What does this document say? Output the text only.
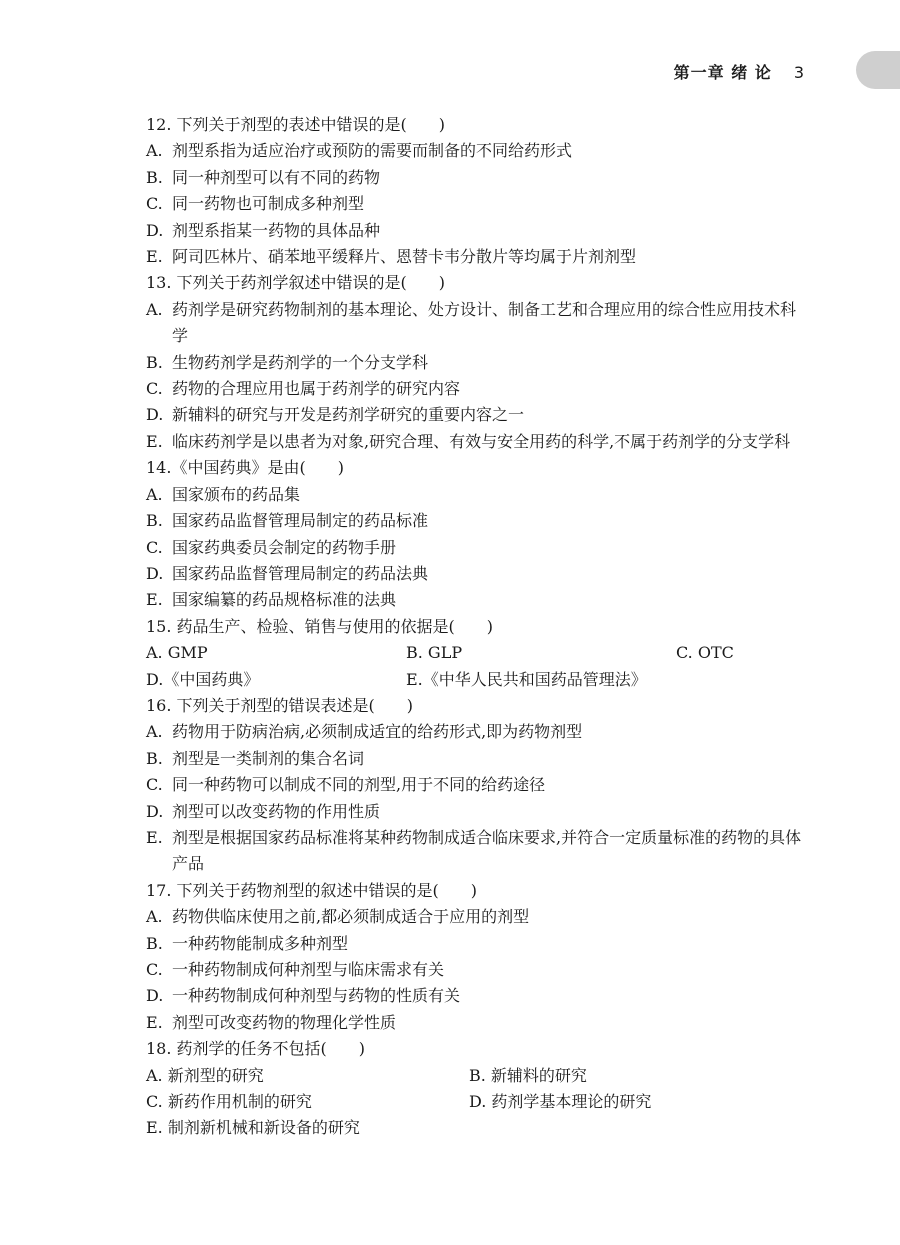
第一章 绪 论 3
12. 下列关于剂型的表述中错误的是(　　)
A. 剂型系指为适应治疗或预防的需要而制备的不同给药形式
B. 同一种剂型可以有不同的药物
C. 同一药物也可制成多种剂型
D. 剂型系指某一药物的具体品种
E. 阿司匹林片、硝苯地平缓释片、恩替卡韦分散片等均属于片剂剂型
13. 下列关于药剂学叙述中错误的是(　　)
A. 药剂学是研究药物制剂的基本理论、处方设计、制备工艺和合理应用的综合性应用技术科学
B. 生物药剂学是药剂学的一个分支学科
C. 药物的合理应用也属于药剂学的研究内容
D. 新辅料的研究与开发是药剂学研究的重要内容之一
E. 临床药剂学是以患者为对象,研究合理、有效与安全用药的科学,不属于药剂学的分支学科
14.《中国药典》是由(　　)
A. 国家颁布的药品集
B. 国家药品监督管理局制定的药品标准
C. 国家药典委员会制定的药物手册
D. 国家药品监督管理局制定的药品法典
E. 国家编纂的药品规格标准的法典
15. 药品生产、检验、销售与使用的依据是(　　)
A. GMP	B. GLP	C. OTC
D.《中国药典》	E.《中华人民共和国药品管理法》
16. 下列关于剂型的错误表述是(　　)
A. 药物用于防病治病,必须制成适宜的给药形式,即为药物剂型
B. 剂型是一类制剂的集合名词
C. 同一种药物可以制成不同的剂型,用于不同的给药途径
D. 剂型可以改变药物的作用性质
E. 剂型是根据国家药品标准将某种药物制成适合临床要求,并符合一定质量标准的药物的具体产品
17. 下列关于药物剂型的叙述中错误的是(　　)
A. 药物供临床使用之前,都必须制成适合于应用的剂型
B. 一种药物能制成多种剂型
C. 一种药物制成何种剂型与临床需求有关
D. 一种药物制成何种剂型与药物的性质有关
E. 剂型可改变药物的物理化学性质
18. 药剂学的任务不包括(　　)
A. 新剂型的研究	B. 新辅料的研究
C. 新药作用机制的研究	D. 药剂学基本理论的研究
E. 制剂新机械和新设备的研究
